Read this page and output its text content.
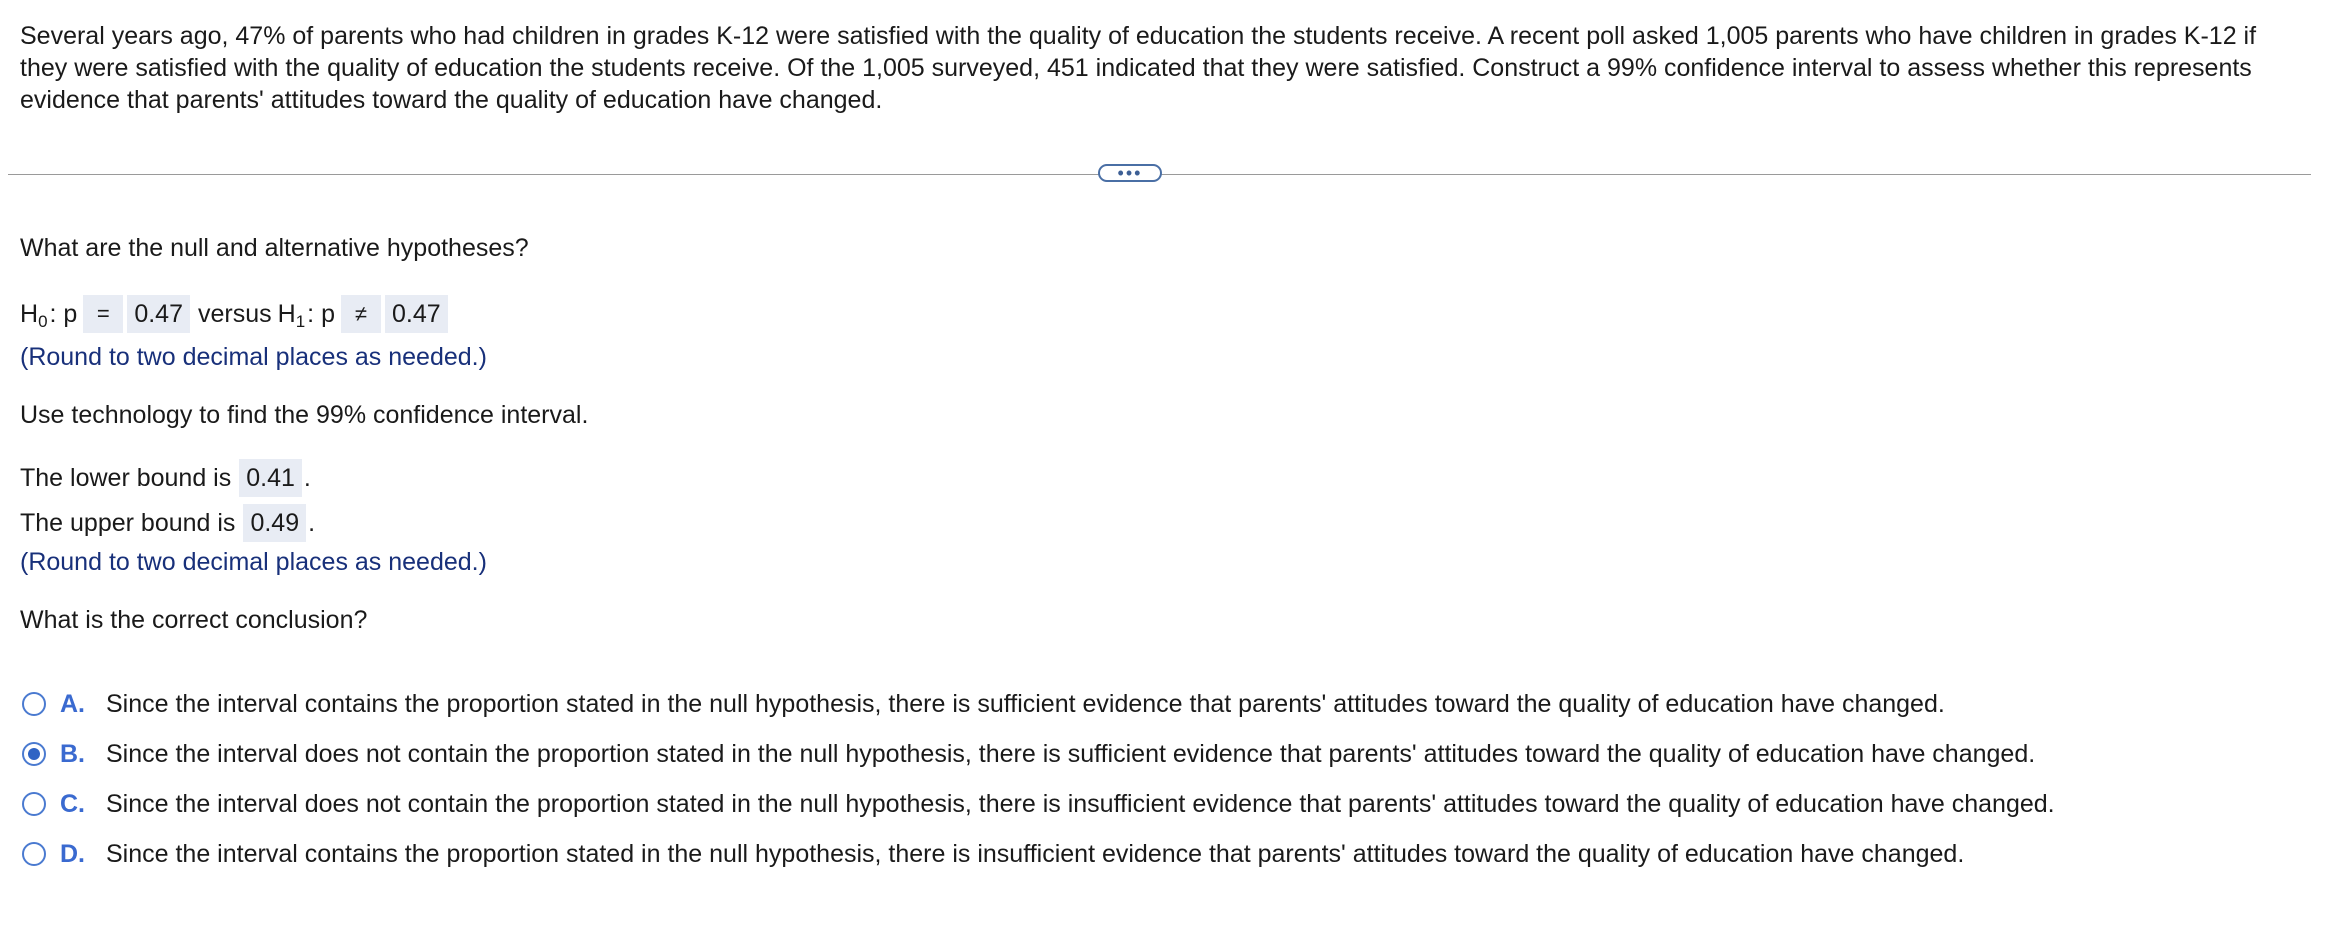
Several years ago, 47% of parents who had children in grades K-12 were satisfied with the quality of education the students receive. A recent poll asked 1,005 parents who have children in grades K-12 if they were satisfied with the quality of education the students receive. Of the 1,005 surveyed, 451 indicated that they were satisfied. Construct a 99% confidence interval to assess whether this represents evidence that parents' attitudes toward the quality of education have changed.
•••
What are the null and alternative hypotheses?
H 0 : p = 0.47 versus H 1 : p ≠ 0.47
(Round to two decimal places as needed.)
Use technology to find the 99% confidence interval.
The lower bound is 0.41 .
The upper bound is 0.49 .
(Round to two decimal places as needed.)
What is the correct conclusion?
A. Since the interval contains the proportion stated in the null hypothesis, there is sufficient evidence that parents' attitudes toward the quality of education have changed.
B. Since the interval does not contain the proportion stated in the null hypothesis, there is sufficient evidence that parents' attitudes toward the quality of education have changed.
C. Since the interval does not contain the proportion stated in the null hypothesis, there is insufficient evidence that parents' attitudes toward the quality of education have changed.
D. Since the interval contains the proportion stated in the null hypothesis, there is insufficient evidence that parents' attitudes toward the quality of education have changed.
